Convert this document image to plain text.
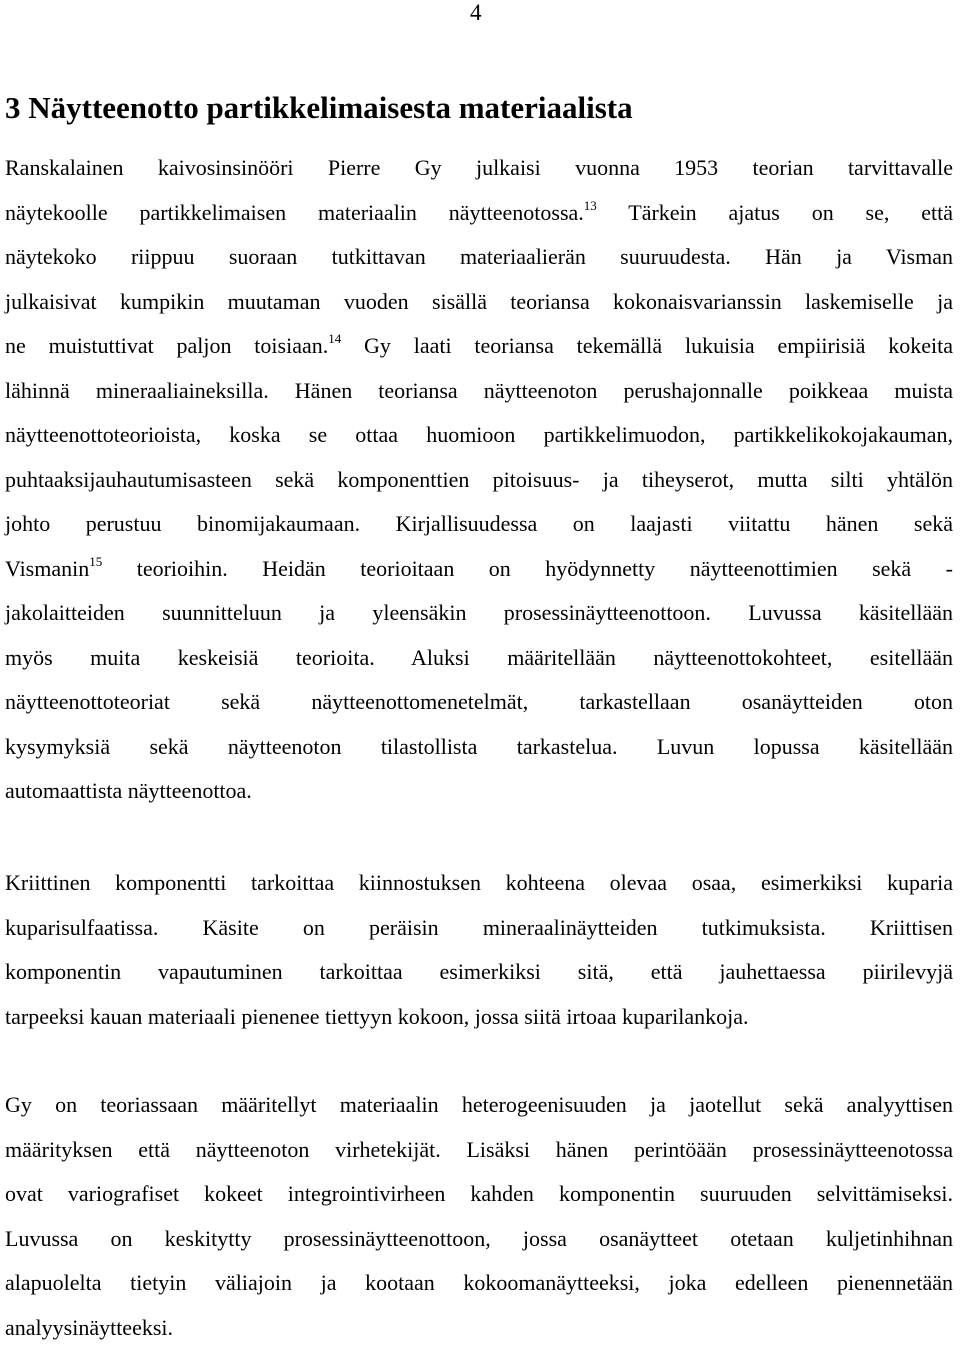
4
3 Näytteenotto partikkelimaisesta materiaalista
Ranskalainen kaivosinsinööri Pierre Gy julkaisi vuonna 1953 teorian tarvittavalle
näytekoolle partikkelimaisen materiaalin näytteenotossa.$^{13}$ Tärkein ajatus on se, että
näytekoko riippuu suoraan tutkittavan materiaalierän suuruudesta. Hän ja Visman
julkaisivat kumpikin muutaman vuoden sisällä teoriansa kokonaisvarianssin laskemiselle ja
ne muistuttivat paljon toisiaan.$^{14}$ Gy laati teoriansa tekemällä lukuisia empiirisiä kokeita
lähinnä mineraaliaineksilla. Hänen teoriansa näytteenoton perushajonnalle poikkeaa muista
näytteenottoteorioista, koska se ottaa huomioon partikkelimuodon, partikkelikokojakauman,
puhtaaksijauhautumisasteen sekä komponenttien pitoisuus- ja tiheyserot, mutta silti yhtälön
johto perustuu binomijakaumaan. Kirjallisuudessa on laajasti viitattu hänen sekä
Vismanin$^{15}$ teorioihin. Heidän teorioitaan on hyödynnetty näytteenottimien sekä -
jakolaitteiden suunnitteluun ja yleensäkin prosessinäytteenottoon. Luvussa käsitellään
myös muita keskeisiä teorioita. Aluksi määritellään näytteenottokohteet, esitellään
näytteenottoteoriat sekä näytteenottomenetelmät, tarkastellaan osanäytteiden oton
kysymyksiä sekä näytteenoton tilastollista tarkastelua. Luvun lopussa käsitellään
automaattista näytteenottoa.
Kriittinen komponentti tarkoittaa kiinnostuksen kohteena olevaa osaa, esimerkiksi kuparia
kuparisulfaatissa. Käsite on peräisin mineraalinäytteiden tutkimuksista. Kriittisen
komponentin vapautuminen tarkoittaa esimerkiksi sitä, että jauhettaessa piirilevyjä
tarpeeksi kauan materiaali pienenee tiettyyn kokoon, jossa siitä irtoaa kuparilankoja.
Gy on teoriassaan määritellyt materiaalin heterogeenisuuden ja jaotellut sekä analyyttisen
määrityksen että näytteenoton virhetekijät. Lisäksi hänen perintöään prosessinäytteenotossa
ovat variografiset kokeet integrointivirheen kahden komponentin suuruuden selvittämiseksi.
Luvussa on keskitytty prosessinäytteenottoon, jossa osanäytteet otetaan kuljetinhihnan
alapuolelta tietyin väliajoin ja kootaan kokoomanäytteeksi, joka edelleen pienennetään
analyysinäytteeksi.
